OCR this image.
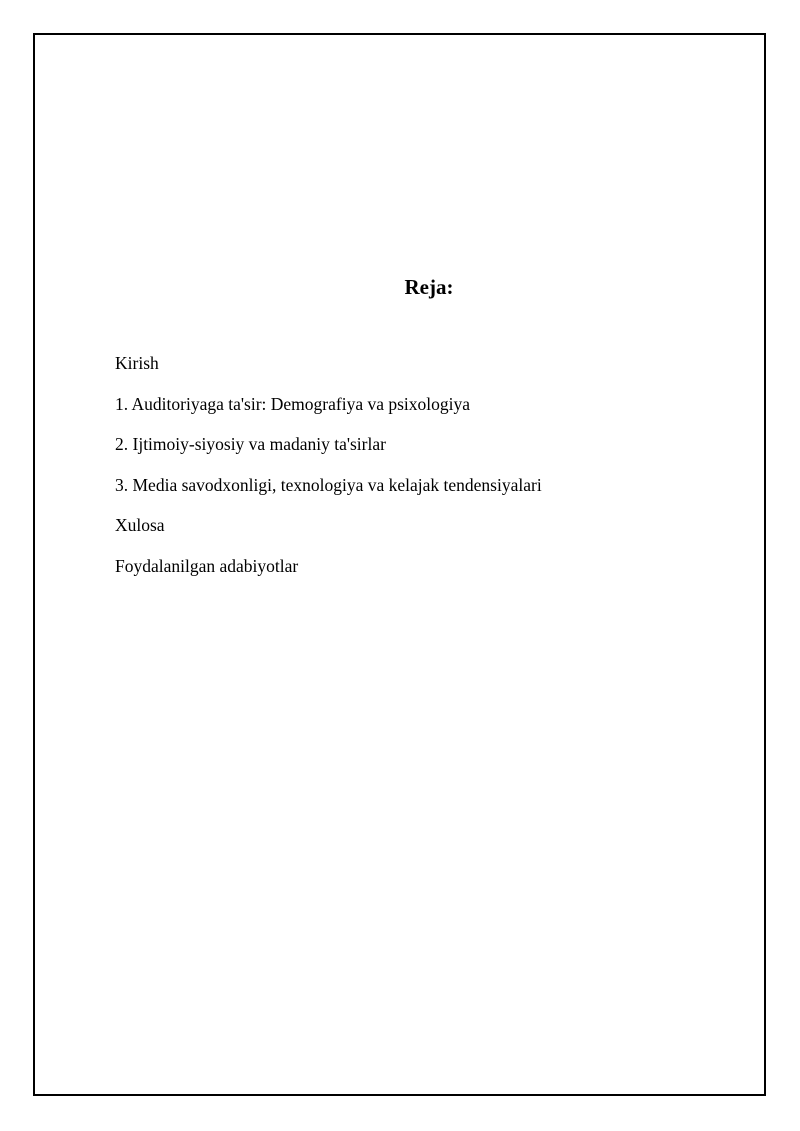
Reja:
Kirish
1. Auditoriyaga ta'sir: Demografiya va psixologiya
2. Ijtimoiy-siyosiy va madaniy ta'sirlar
3. Media savodxonligi, texnologiya va kelajak tendensiyalari
Xulosa
Foydalanilgan adabiyotlar
